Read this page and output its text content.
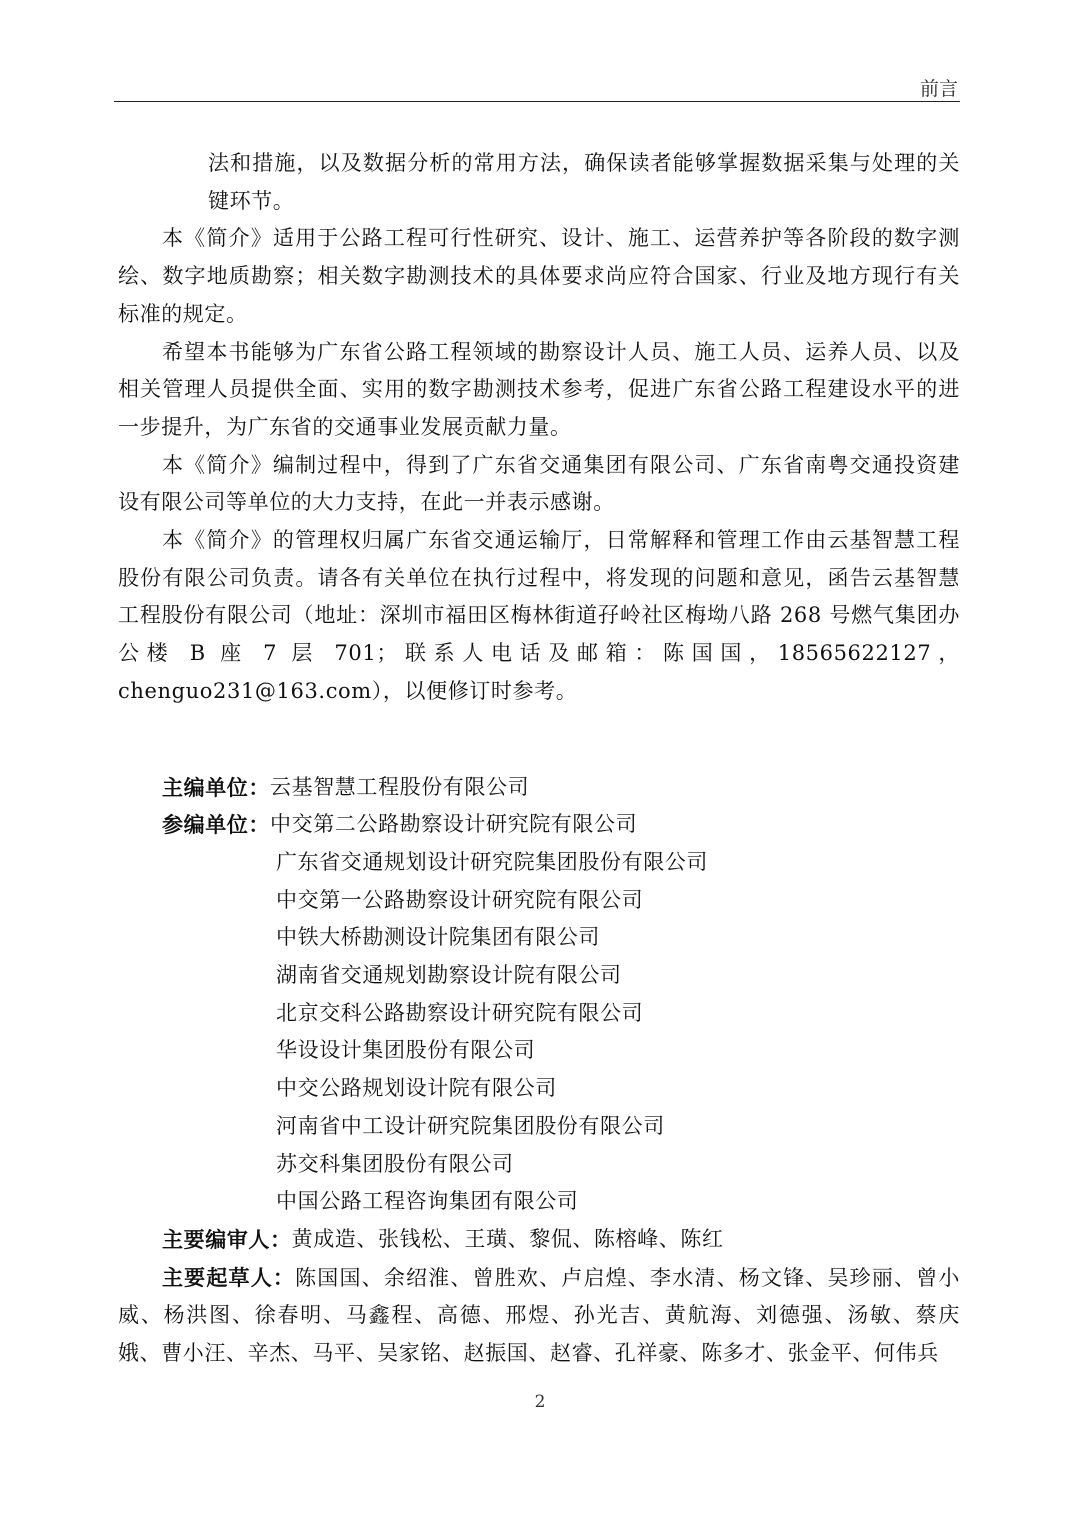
前言

法和措施，以及数据分析的常用方法，确保读者能够掌握数据采集与处理的关键环节。

本《简介》适用于公路工程可行性研究、设计、施工、运营养护等各阶段的数字测绘、数字地质勘察；相关数字勘测技术的具体要求尚应符合国家、行业及地方现行有关标准的规定。

希望本书能够为广东省公路工程领域的勘察设计人员、施工人员、运养人员、以及相关管理人员提供全面、实用的数字勘测技术参考，促进广东省公路工程建设水平的进一步提升，为广东省的交通事业发展贡献力量。

本《简介》编制过程中，得到了广东省交通集团有限公司、广东省南粤交通投资建设有限公司等单位的大力支持，在此一并表示感谢。

本《简介》的管理权归属广东省交通运输厅，日常解释和管理工作由云基智慧工程股份有限公司负责。请各有关单位在执行过程中，将发现的问题和意见，函告云基智慧工程股份有限公司（地址：深圳市福田区梅林街道孖岭社区梅坳八路 268 号燃气集团办公楼 B 座 7 层 701；联系人电话及邮箱：陈国国，18565622127，chenguo231@163.com），以便修订时参考。

主编单位： 云基智慧工程股份有限公司
参编单位： 中交第二公路勘察设计研究院有限公司
广东省交通规划设计研究院集团股份有限公司
中交第一公路勘察设计研究院有限公司
中铁大桥勘测设计院集团有限公司
湖南省交通规划勘察设计院有限公司
北京交科公路勘察设计研究院有限公司
华设设计集团股份有限公司
中交公路规划设计院有限公司
河南省中工设计研究院集团股份有限公司
苏交科集团股份有限公司
中国公路工程咨询集团有限公司
主要编审人： 黄成造、张钱松、王璜、黎侃、陈榕峰、陈红

主要起草人：陈国国、余绍淮、曾胜欢、卢启煌、李水清、杨文锋、吴珍丽、曾小威、杨洪图、徐春明、马鑫程、高德、邢煜、孙光吉、黄航海、刘德强、汤敏、蔡庆娥、曹小汪、辛杰、马平、吴家铭、赵振国、赵睿、孔祥豪、陈多才、张金平、何伟兵

2
